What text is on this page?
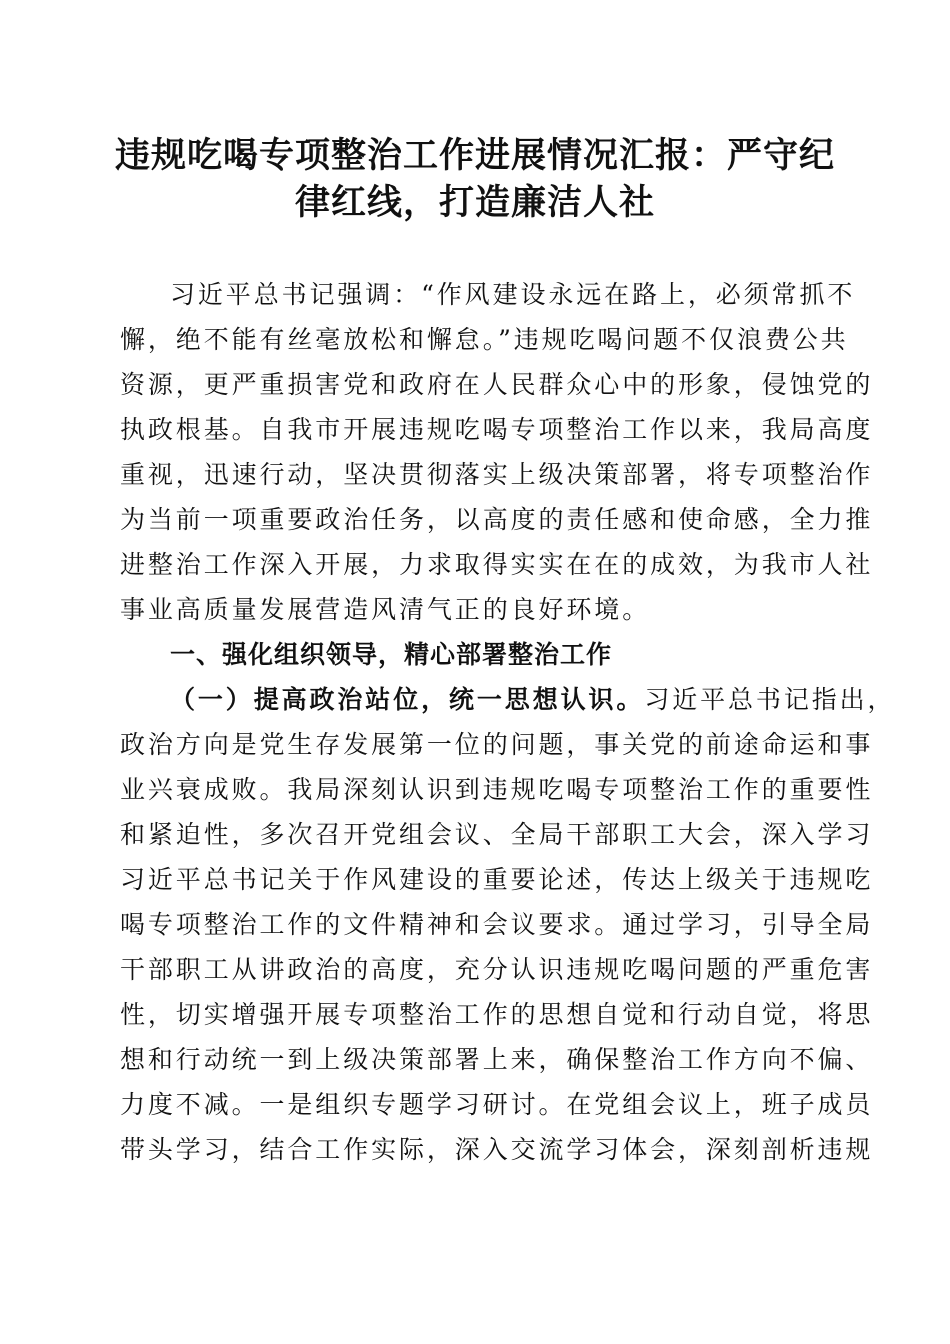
违规吃喝专项整治工作进展情况汇报：严守纪
律红线，打造廉洁人社
习近平总书记强调：“作风建设永远在路上，必须常抓不
懈，绝不能有丝毫放松和懈怠。”违规吃喝问题不仅浪费公共
资源，更严重损害党和政府在人民群众心中的形象，侵蚀党的
执政根基。自我市开展违规吃喝专项整治工作以来，我局高度
重视，迅速行动，坚决贯彻落实上级决策部署，将专项整治作
为当前一项重要政治任务，以高度的责任感和使命感，全力推
进整治工作深入开展，力求取得实实在在的成效，为我市人社
事业高质量发展营造风清气正的良好环境。
一、强化组织领导，精心部署整治工作
（一）提高政治站位，统一思想认识。习近平总书记指出，
政治方向是党生存发展第一位的问题，事关党的前途命运和事
业兴衰成败。我局深刻认识到违规吃喝专项整治工作的重要性
和紧迫性，多次召开党组会议、全局干部职工大会，深入学习
习近平总书记关于作风建设的重要论述，传达上级关于违规吃
喝专项整治工作的文件精神和会议要求。通过学习，引导全局
干部职工从讲政治的高度，充分认识违规吃喝问题的严重危害
性，切实增强开展专项整治工作的思想自觉和行动自觉，将思
想和行动统一到上级决策部署上来，确保整治工作方向不偏、
力度不减。一是组织专题学习研讨。在党组会议上，班子成员
带头学习，结合工作实际，深入交流学习体会，深刻剖析违规
